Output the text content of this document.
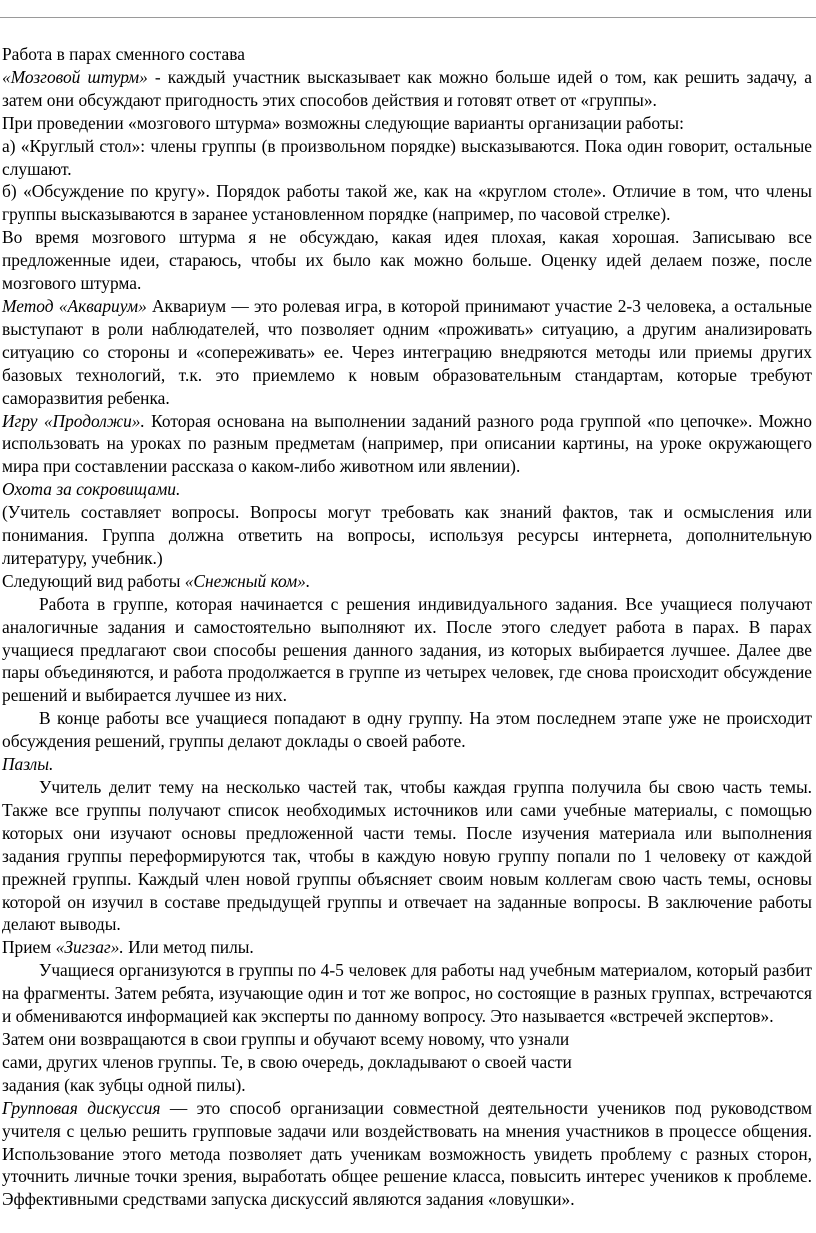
Работа в парах сменного состава

«Мозговой штурм» - каждый участник высказывает как можно больше идей о том, как решить задачу, а затем они обсуждают пригодность этих способов действия и готовят ответ от «группы».

При проведении «мозгового штурма» возможны следующие варианты организации работы:

а) «Круглый стол»: члены группы (в произвольном порядке) высказываются. Пока один говорит, остальные слушают.

б) «Обсуждение по кругу». Порядок работы такой же, как на «круглом столе». Отличие в том, что члены группы высказываются в заранее установленном порядке (например, по часовой стрелке).

Во время мозгового штурма я не обсуждаю, какая идея плохая, какая хорошая. Записываю все предложенные идеи, стараюсь, чтобы их было как можно больше. Оценку идей делаем позже, после мозгового штурма.

Метод «Аквариум» Аквариум — это ролевая игра, в которой принимают участие 2-3 человека, а остальные выступают в роли наблюдателей, что позволяет одним «проживать» ситуацию, а другим анализировать ситуацию со стороны и «сопереживать» ее. Через интеграцию внедряются методы или приемы других базовых технологий, т.к. это приемлемо к новым образовательным стандартам, которые требуют саморазвития ребенка.

Игру «Продолжи». Которая основана на выполнении заданий разного рода группой «по цепочке». Можно использовать на уроках по разным предметам (например, при описании картины, на уроке окружающего мира при составлении рассказа о каком-либо животном или явлении).

Охота за сокровищами.

(Учитель составляет вопросы. Вопросы могут требовать как знаний фактов, так и осмысления или понимания. Группа должна ответить на вопросы, используя ресурсы интернета, дополнительную литературу, учебник.)

Следующий вид работы «Снежный ком».

Работа в группе, которая начинается с решения индивидуального задания. Все учащиеся получают аналогичные задания и самостоятельно выполняют их. После этого следует работа в парах. В парах учащиеся предлагают свои способы решения данного задания, из которых выбирается лучшее. Далее две пары объединяются, и работа продолжается в группе из четырех человек, где снова происходит обсуждение решений и выбирается лучшее из них.

В конце работы все учащиеся попадают в одну группу. На этом последнем этапе уже не происходит обсуждения решений, группы делают доклады о своей работе.

Пазлы.

Учитель делит тему на несколько частей так, чтобы каждая группа получила бы свою часть темы. Также все группы получают список необходимых источников или сами учебные материалы, с помощью которых они изучают основы предложенной части темы. После изучения материала или выполнения задания группы переформируются так, чтобы в каждую новую группу попали по 1 человеку от каждой прежней группы. Каждый член новой группы объясняет своим новым коллегам свою часть темы, основы которой он изучил в составе предыдущей группы и отвечает на заданные вопросы. В заключение работы делают выводы.

Прием «Зигзаг». Или метод пилы.

Учащиеся организуются в группы по 4-5 человек для работы над учебным материалом, который разбит на фрагменты. Затем ребята, изучающие один и тот же вопрос, но состоящие в разных группах, встречаются и обмениваются информацией как эксперты по данному вопросу. Это называется «встречей экспертов».

Затем они возвращаются в свои группы и обучают всему новому, что узнали

сами, других членов группы. Те, в свою очередь, докладывают о своей части

задания (как зубцы одной пилы).

Групповая дискуссия — это способ организации совместной деятельности учеников под руководством учителя с целью решить групповые задачи или воздействовать на мнения участников в процессе общения. Использование этого метода позволяет дать ученикам возможность увидеть проблему с разных сторон, уточнить личные точки зрения, выработать общее решение класса, повысить интерес учеников к проблеме. Эффективными средствами запуска дискуссий являются задания «ловушки».
